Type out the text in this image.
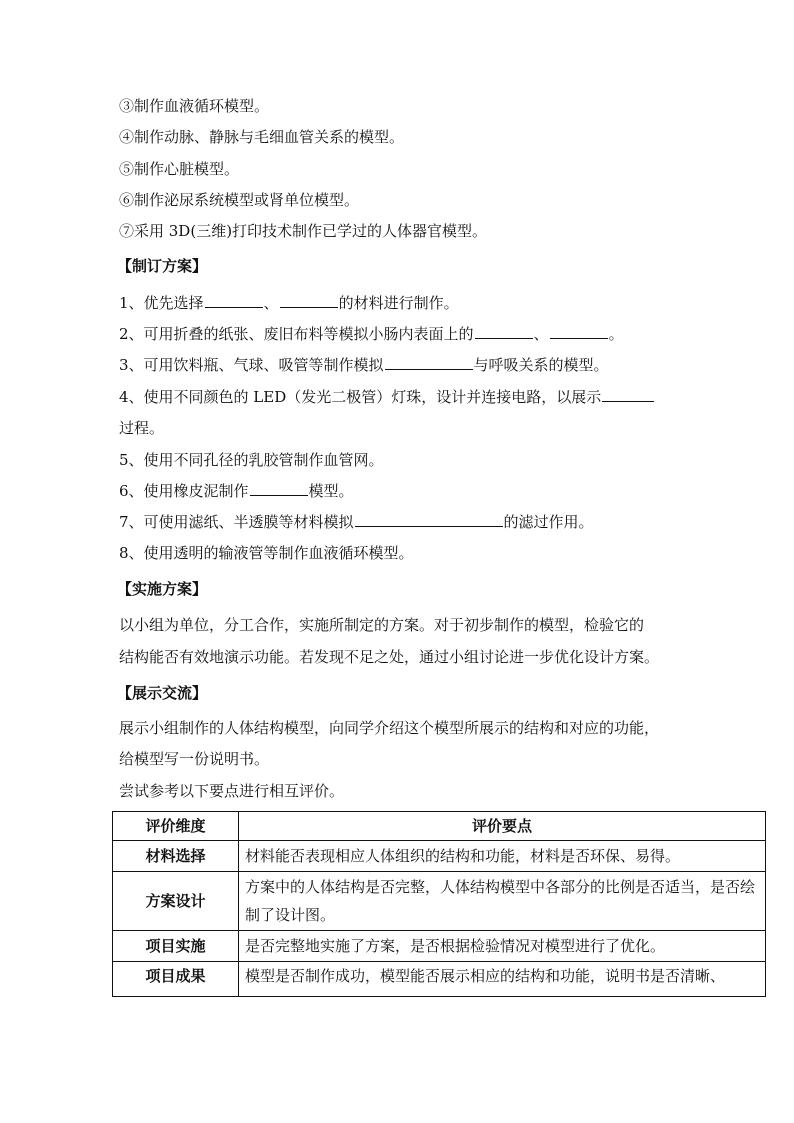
③制作血液循环模型。
④制作动脉、静脉与毛细血管关系的模型。
⑤制作心脏模型。
⑥制作泌尿系统模型或肾单位模型。
⑦采用 3D(三维)打印技术制作已学过的人体器官模型。
【制订方案】
1、优先选择	、	的材料进行制作。
2、可用折叠的纸张、废旧布料等模拟小肠内表面上的	、	。
3、可用饮料瓶、气球、吸管等制作模拟	与呼吸关系的模型。
4、使用不同颜色的 LED（发光二极管）灯珠，设计并连接电路，以展示
过程。
5、使用不同孔径的乳胶管制作血管网。
6、使用橡皮泥制作	模型。
7、可使用滤纸、半透膜等材料模拟	的滤过作用。
8、使用透明的输液管等制作血液循环模型。
【实施方案】
以小组为单位，分工合作，实施所制定的方案。对于初步制作的模型，检验它的
结构能否有效地演示功能。若发现不足之处，通过小组讨论进一步优化设计方案。
【展示交流】
展示小组制作的人体结构模型，向同学介绍这个模型所展示的结构和对应的功能，
给模型写一份说明书。
尝试参考以下要点进行相互评价。
评价维度	评价要点
材料选择	材料能否表现相应人体组织的结构和功能，材料是否环保、易得。
方案设计	方案中的人体结构是否完整，人体结构模型中各部分的比例是否适当，是否绘制了设计图。
项目实施	是否完整地实施了方案，是否根据检验情况对模型进行了优化。
项目成果	模型是否制作成功，模型能否展示相应的结构和功能，说明书是否清晰、
